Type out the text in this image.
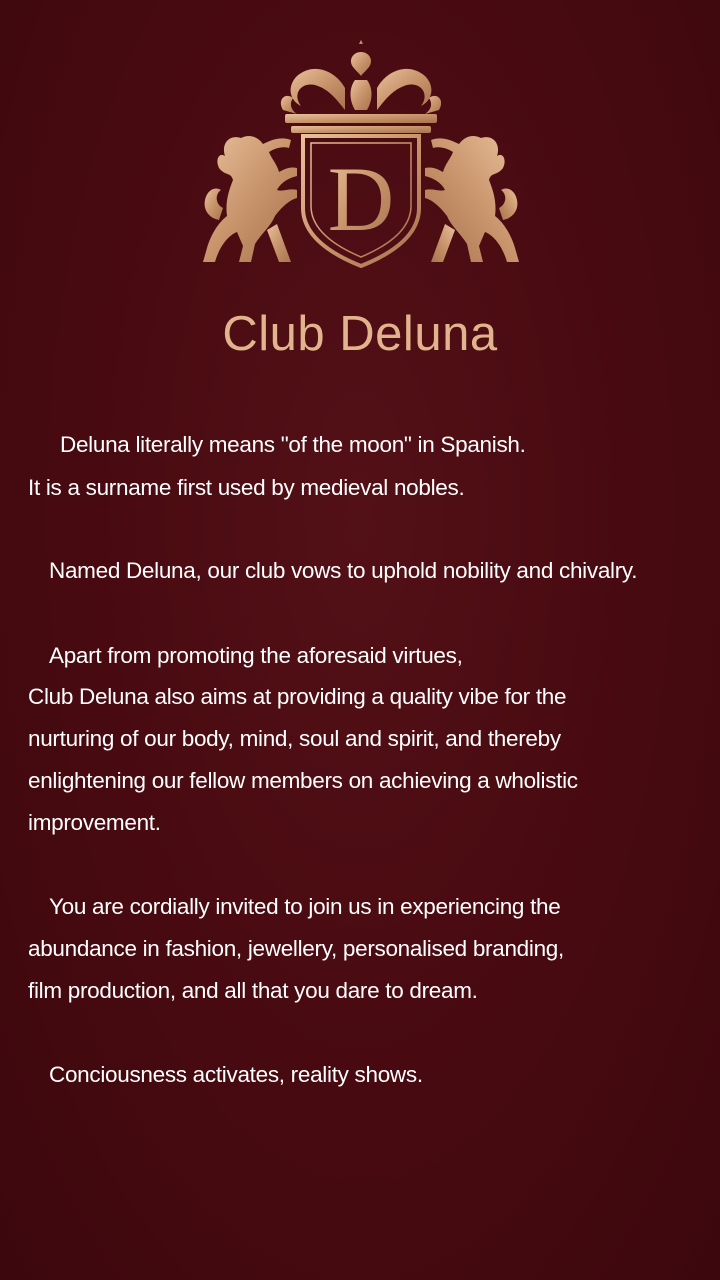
D
Club Deluna
Deluna literally means "of the moon" in Spanish.
It is a surname first used by medieval nobles.
Named Deluna, our club vows to uphold nobility and chivalry.
Apart from promoting the aforesaid virtues,
Club Deluna also aims at providing a quality vibe for the
nurturing of our body, mind, soul and spirit, and thereby
enlightening our fellow members on achieving a wholistic
improvement.
You are cordially invited to join us in experiencing the
abundance in fashion, jewellery, personalised branding,
film production, and all that you dare to dream.
Conciousness activates, reality shows.
